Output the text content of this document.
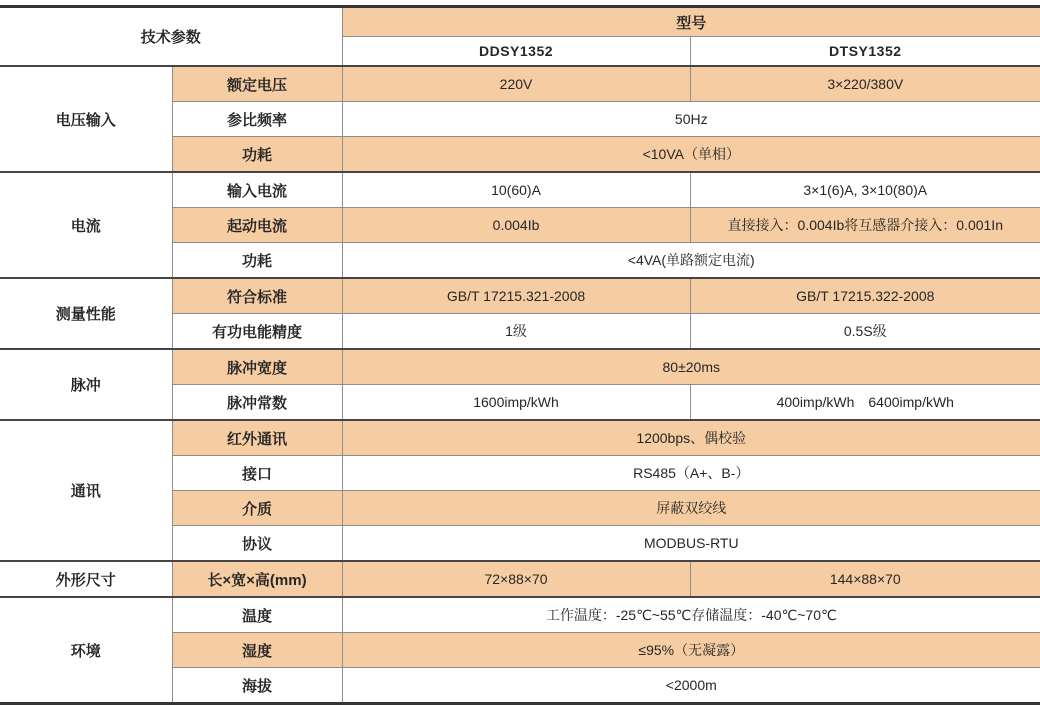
技术参数		型号	
		DDSY1352	DTSY1352
电压输入	额定电压	220V	3×220/380V
	参比频率	50Hz	
	功耗	<10VA（单相）	
电流	输入电流	10(60)A	3×1(6)A, 3×10(80)A
	起动电流	0.004Ib	直接接入：0.004Ib将互感器介接入：0.001In
	功耗	<4VA(单路额定电流)	
测量性能	符合标准	GB/T 17215.321-2008	GB/T 17215.322-2008
	有功电能精度	1级	0.5S级
脉冲	脉冲宽度	80±20ms	
	脉冲常数	1600imp/kWh	400imp/kWh　6400imp/kWh
通讯	红外通讯	1200bps、偶校验	
	接口	RS485（A+、B-）	
	介质	屏蔽双绞线	
	协议	MODBUS-RTU	
外形尺寸	长×宽×高(mm)	72×88×70	144×88×70
环境	温度	工作温度：-25℃~55℃存储温度：-40℃~70℃	
	湿度	≤95%（无凝露）	
	海拔	<2000m	
